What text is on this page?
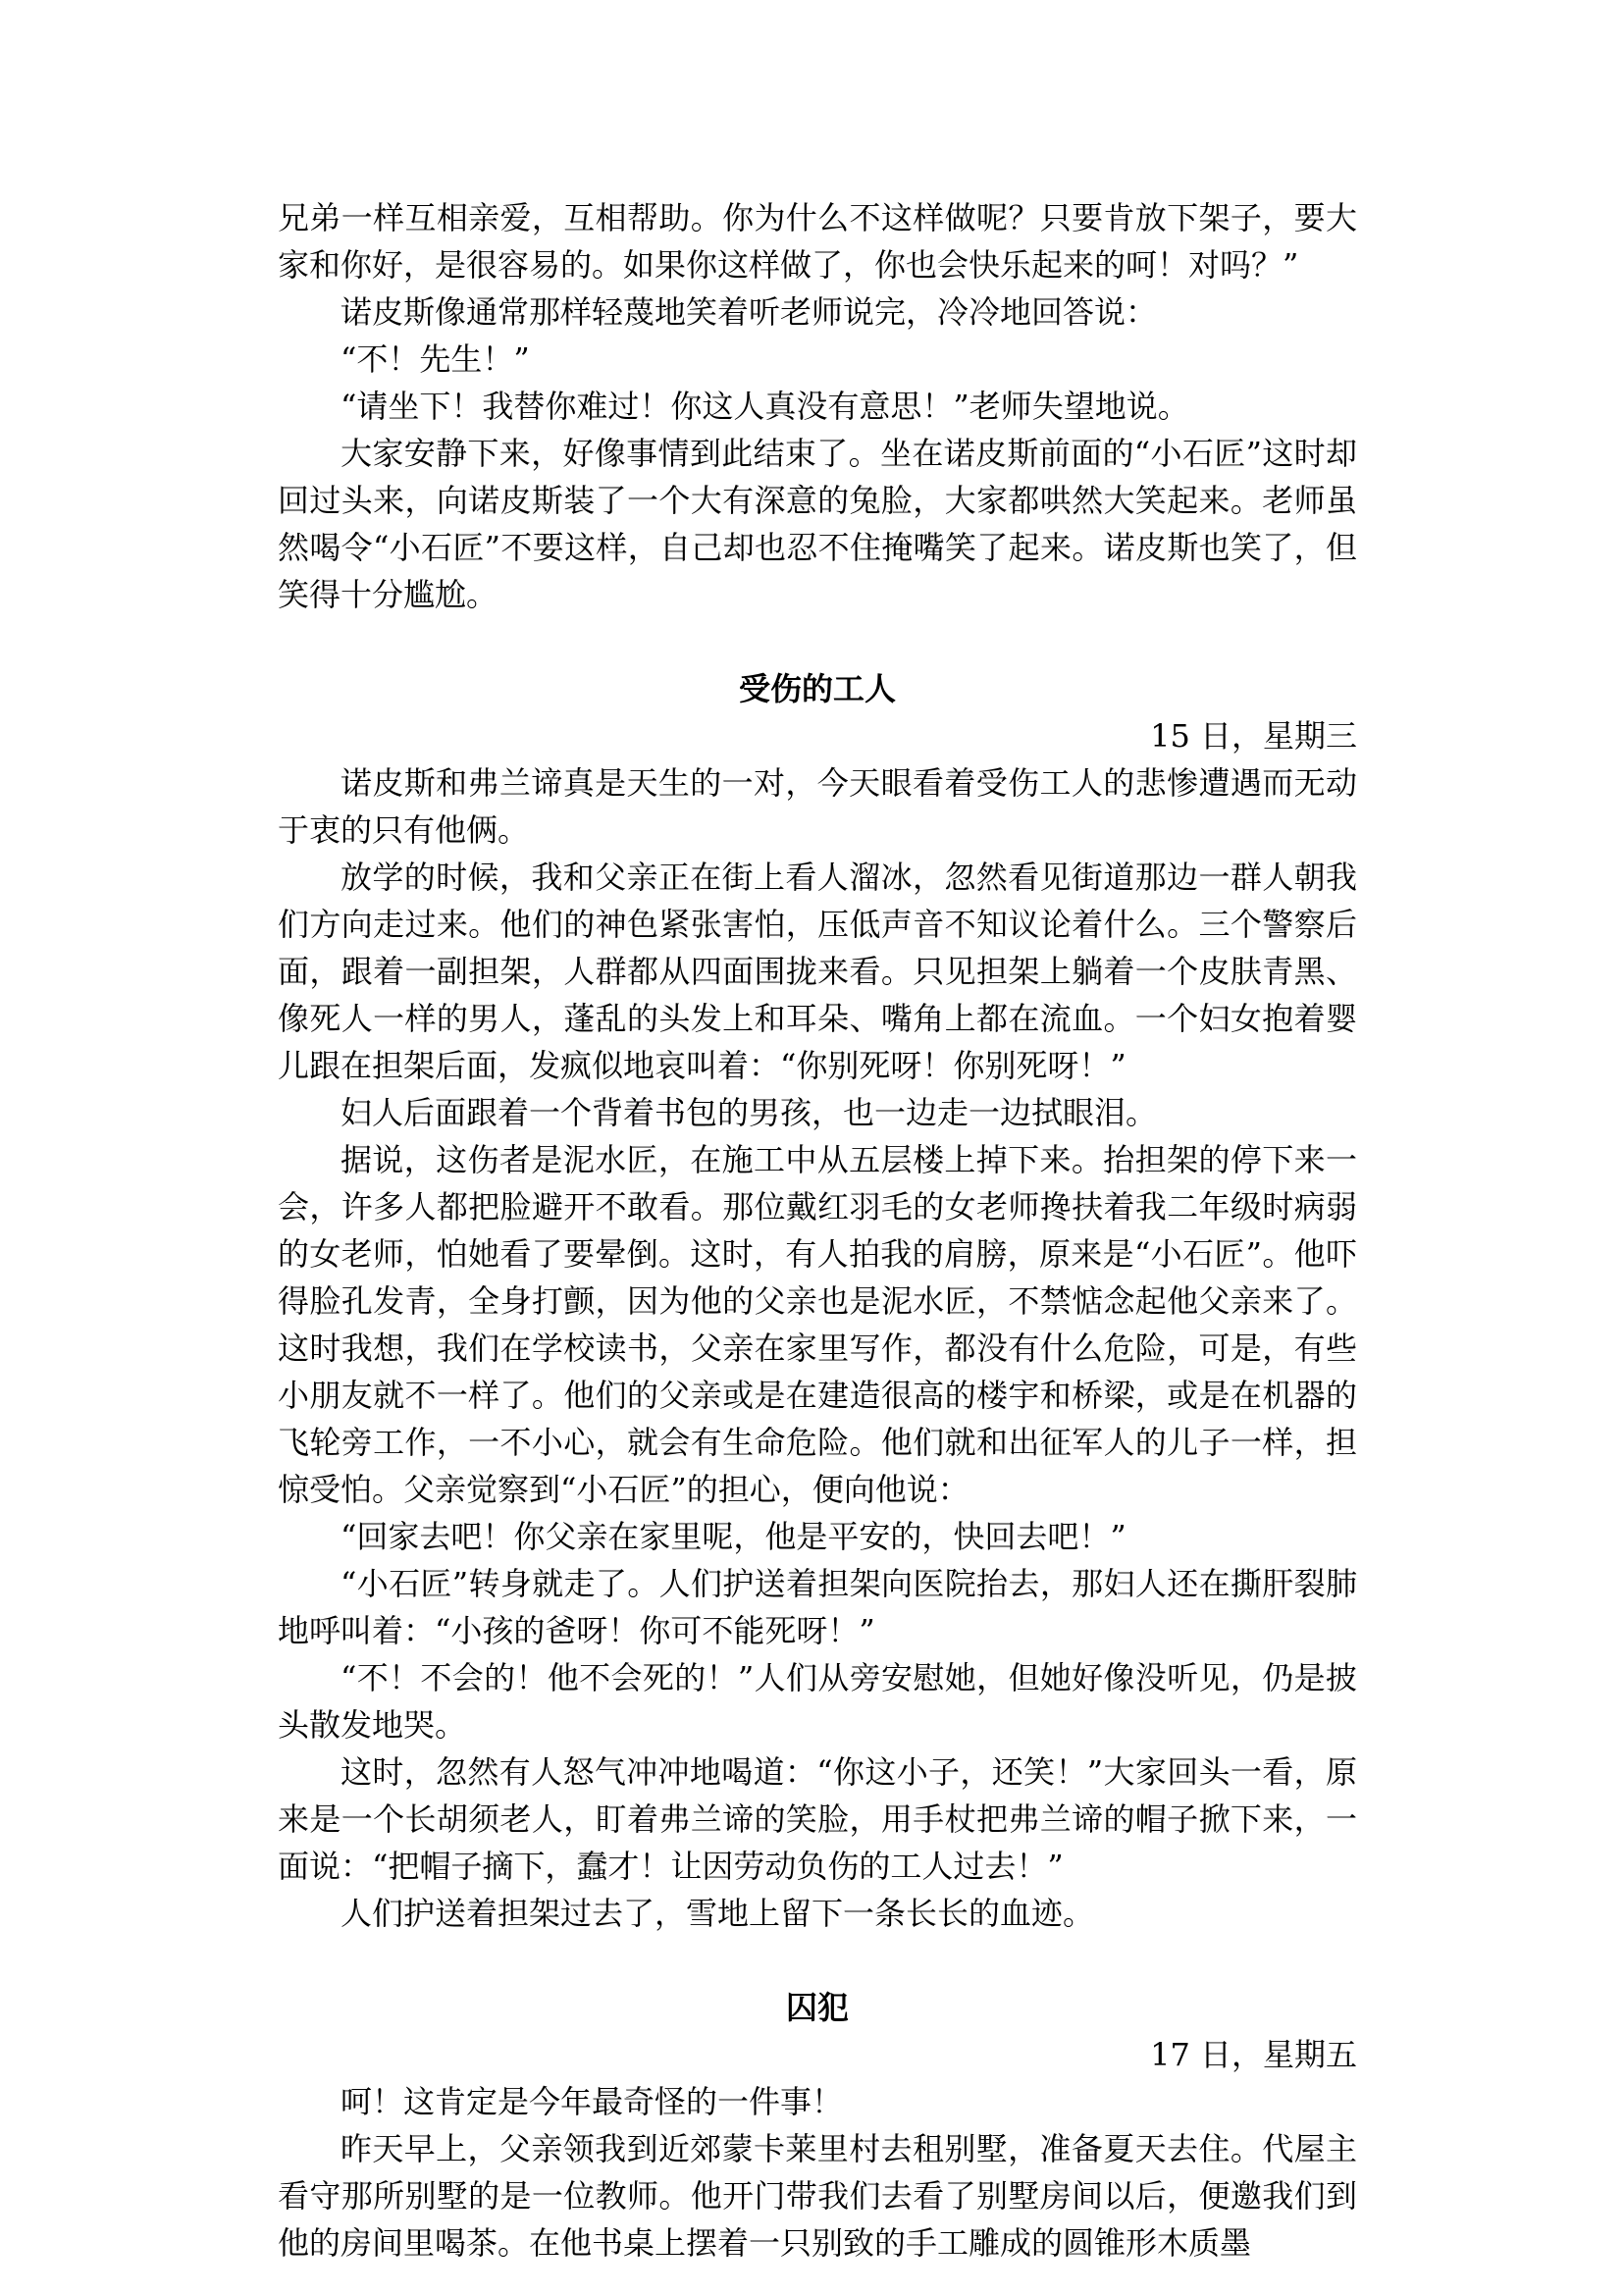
兄弟一样互相亲爱，互相帮助。你为什么不这样做呢？只要肯放下架子，要大家和你好，是很容易的。如果你这样做了，你也会快乐起来的呵！对吗？”

诺皮斯像通常那样轻蔑地笑着听老师说完，冷冷地回答说：

“不！先生！”

“请坐下！我替你难过！你这人真没有意思！”老师失望地说。

大家安静下来，好像事情到此结束了。坐在诺皮斯前面的“小石匠”这时却回过头来，向诺皮斯装了一个大有深意的兔脸，大家都哄然大笑起来。老师虽然喝令“小石匠”不要这样，自己却也忍不住掩嘴笑了起来。诺皮斯也笑了，但笑得十分尴尬。

受伤的工人

15 日，星期三

诺皮斯和弗兰谛真是天生的一对，今天眼看着受伤工人的悲惨遭遇而无动于衷的只有他俩。

放学的时候，我和父亲正在街上看人溜冰，忽然看见街道那边一群人朝我们方向走过来。他们的神色紧张害怕，压低声音不知议论着什么。三个警察后面，跟着一副担架，人群都从四面围拢来看。只见担架上躺着一个皮肤青黑、像死人一样的男人，蓬乱的头发上和耳朵、嘴角上都在流血。一个妇女抱着婴儿跟在担架后面，发疯似地哀叫着：“你别死呀！你别死呀！”

妇人后面跟着一个背着书包的男孩，也一边走一边拭眼泪。

据说，这伤者是泥水匠，在施工中从五层楼上掉下来。抬担架的停下来一会，许多人都把脸避开不敢看。那位戴红羽毛的女老师搀扶着我二年级时病弱的女老师，怕她看了要晕倒。这时，有人拍我的肩膀，原来是“小石匠”。他吓得脸孔发青，全身打颤，因为他的父亲也是泥水匠，不禁惦念起他父亲来了。这时我想，我们在学校读书，父亲在家里写作，都没有什么危险，可是，有些小朋友就不一样了。他们的父亲或是在建造很高的楼宇和桥梁，或是在机器的飞轮旁工作，一不小心，就会有生命危险。他们就和出征军人的儿子一样，担惊受怕。父亲觉察到“小石匠”的担心，便向他说：

“回家去吧！你父亲在家里呢，他是平安的，快回去吧！”

“小石匠”转身就走了。人们护送着担架向医院抬去，那妇人还在撕肝裂肺地呼叫着：“小孩的爸呀！你可不能死呀！”

“不！不会的！他不会死的！”人们从旁安慰她，但她好像没听见，仍是披头散发地哭。

这时，忽然有人怒气冲冲地喝道：“你这小子，还笑！”大家回头一看，原来是一个长胡须老人，盯着弗兰谛的笑脸，用手杖把弗兰谛的帽子掀下来，一面说：“把帽子摘下，蠢才！让因劳动负伤的工人过去！”

人们护送着担架过去了，雪地上留下一条长长的血迹。

囚犯

17 日，星期五

呵！这肯定是今年最奇怪的一件事！

昨天早上，父亲领我到近郊蒙卡莱里村去租别墅，准备夏天去住。代屋主看守那所别墅的是一位教师。他开门带我们去看了别墅房间以后，便邀我们到他的房间里喝茶。在他书桌上摆着一只别致的手工雕成的圆锥形木质墨
